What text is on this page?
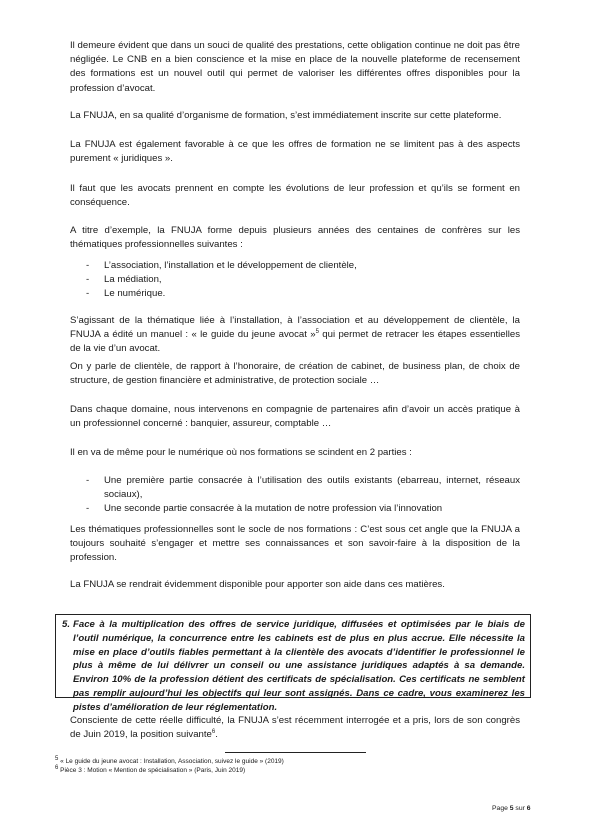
Il demeure évident que dans un souci de qualité des prestations, cette obligation continue ne doit pas être négligée. Le CNB en a bien conscience et la mise en place de la nouvelle plateforme de recensement des formations est un nouvel outil qui permet de valoriser les différentes offres disponibles pour la profession d’avocat.

La FNUJA, en sa qualité d’organisme de formation, s’est immédiatement inscrite sur cette plateforme.

La FNUJA est également favorable à ce que les offres de formation ne se limitent pas à des aspects purement « juridiques ».

Il faut que les avocats prennent en compte les évolutions de leur profession et qu’ils se forment en conséquence.

A titre d’exemple, la FNUJA forme depuis plusieurs années des centaines de confrères sur les thématiques professionnelles suivantes :

- L’association, l’installation et le développement de clientèle,
- La médiation,
- Le numérique.

S’agissant de la thématique liée à l’installation, à l’association et au développement de clientèle, la FNUJA a édité un manuel : « le guide du jeune avocat »$^5$ qui permet de retracer les étapes essentielles de la vie d’un avocat.

On y parle de clientèle, de rapport à l’honoraire, de création de cabinet, de business plan, de choix de structure, de gestion financière et administrative, de protection sociale …

Dans chaque domaine, nous intervenons en compagnie de partenaires afin d’avoir un accès pratique à un professionnel concerné : banquier, assureur, comptable …

Il en va de même pour le numérique où nos formations se scindent en 2 parties :

- Une première partie consacrée à l’utilisation des outils existants (ebarreau, internet, réseaux sociaux),
- Une seconde partie consacrée à la mutation de notre profession via l’innovation

Les thématiques professionnelles sont le socle de nos formations : C’est sous cet angle que la FNUJA a toujours souhaité s’engager et mettre ses connaissances et son savoir-faire à la disposition de la profession.

La FNUJA se rendrait évidemment disponible pour apporter son aide dans ces matières.

5. Face à la multiplication des offres de service juridique, diffusées et optimisées par le biais de l’outil numérique, la concurrence entre les cabinets est de plus en plus accrue. Elle nécessite la mise en place d’outils fiables permettant à la clientèle des avocats d’identifier le professionnel le plus à même de lui délivrer un conseil ou une assistance juridiques adaptés à sa demande. Environ 10% de la profession détient des certificats de spécialisation. Ces certificats ne semblent pas remplir aujourd’hui les objectifs qui leur sont assignés. Dans ce cadre, vous examinerez les pistes d’amélioration de leur réglementation.

Consciente de cette réelle difficulté, la FNUJA s’est récemment interrogée et a pris, lors de son congrès de Juin 2019, la position suivante$^6$.

$^5$ « Le guide du jeune avocat : Installation, Association, suivez le guide » (2019)

$^6$ Pièce 3 : Motion « Mention de spécialisation » (Paris, Juin 2019)

Page 5 sur 6
